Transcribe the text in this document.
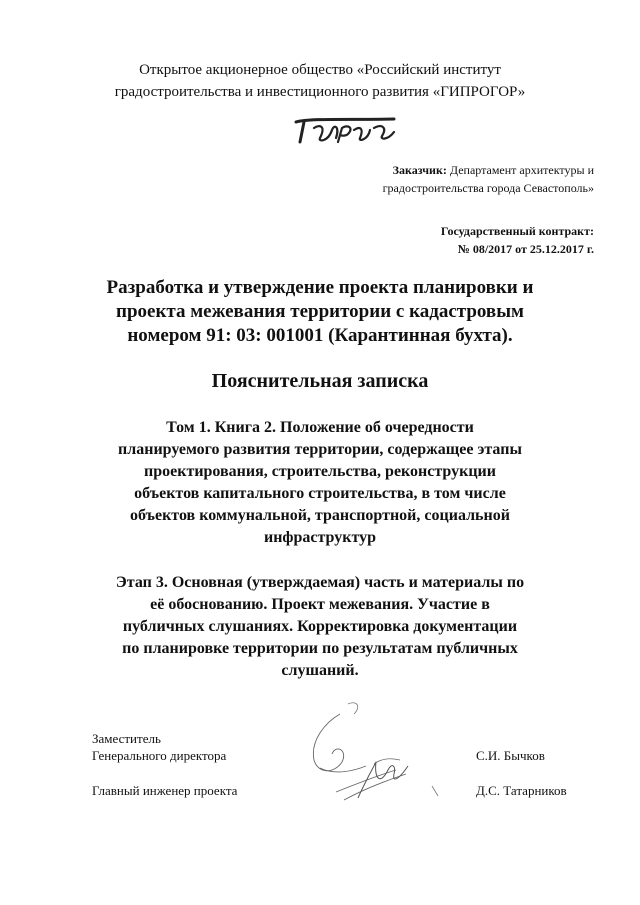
Открытое акционерное общество «Российский институт
градостроительства и инвестиционного развития «ГИПРОГОР»
Заказчик: Департамент архитектуры и
градостроительства города Севастополь»
Государственный контракт:
№ 08/2017 от 25.12.2017 г.
Разработка и утверждение проекта планировки и
проекта межевания территории с кадастровым
номером 91: 03: 001001 (Карантинная бухта).
Пояснительная записка
Том 1. Книга 2. Положение об очередности
планируемого развития территории, содержащее этапы
проектирования, строительства, реконструкции
объектов капитального строительства, в том числе
объектов коммунальной, транспортной, социальной
инфраструктур
Этап 3. Основная (утверждаемая) часть и материалы по
её обоснованию. Проект межевания. Участие в
публичных слушаниях. Корректировка документации
по планировке территории по результатам публичных
слушаний.
Заместитель
Генерального директора	С.И. Бычков
Главный инженер проекта	Д.С. Татарников
